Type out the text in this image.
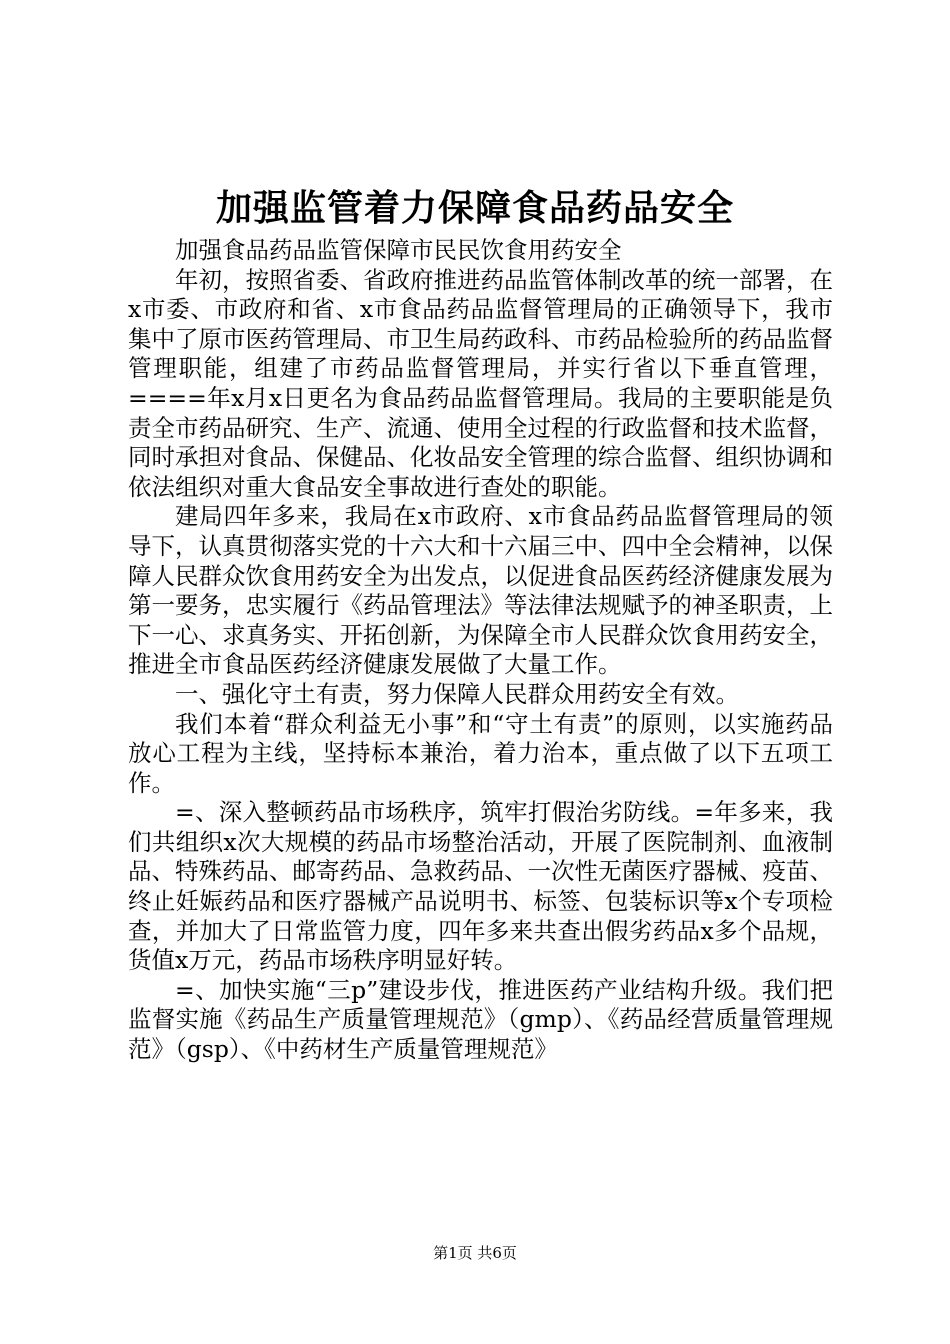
加强监管着力保障食品药品安全

加强食品药品监管保障市民民饮食用药安全

年初，按照省委、省政府推进药品监管体制改革的统一部署，在x市委、市政府和省、x市食品药品监督管理局的正确领导下，我市集中了原市医药管理局、市卫生局药政科、市药品检验所的药品监督管理职能，组建了市药品监督管理局，并实行省以下垂直管理，====年x月x日更名为食品药品监督管理局。我局的主要职能是负责全市药品研究、生产、流通、使用全过程的行政监督和技术监督，同时承担对食品、保健品、化妆品安全管理的综合监督、组织协调和依法组织对重大食品安全事故进行查处的职能。

建局四年多来，我局在x市政府、x市食品药品监督管理局的领导下，认真贯彻落实党的十六大和十六届三中、四中全会精神，以保障人民群众饮食用药安全为出发点，以促进食品医药经济健康发展为第一要务，忠实履行《药品管理法》等法律法规赋予的神圣职责，上下一心、求真务实、开拓创新，为保障全市人民群众饮食用药安全，推进全市食品医药经济健康发展做了大量工作。

一、强化守土有责，努力保障人民群众用药安全有效。

我们本着“群众利益无小事”和“守土有责”的原则，以实施药品放心工程为主线，坚持标本兼治，着力治本，重点做了以下五项工作。

=、深入整顿药品市场秩序，筑牢打假治劣防线。=年多来，我们共组织x次大规模的药品市场整治活动，开展了医院制剂、血液制品、特殊药品、邮寄药品、急救药品、一次性无菌医疗器械、疫苗、终止妊娠药品和医疗器械产品说明书、标签、包装标识等x个专项检查，并加大了日常监管力度，四年多来共查出假劣药品x多个品规，货值x万元，药品市场秩序明显好转。

=、加快实施“三p”建设步伐，推进医药产业结构升级。我们把监督实施《药品生产质量管理规范》（gmp）、《药品经营质量管理规范》（gsp）、《中药材生产质量管理规范》

第1页 共6页
